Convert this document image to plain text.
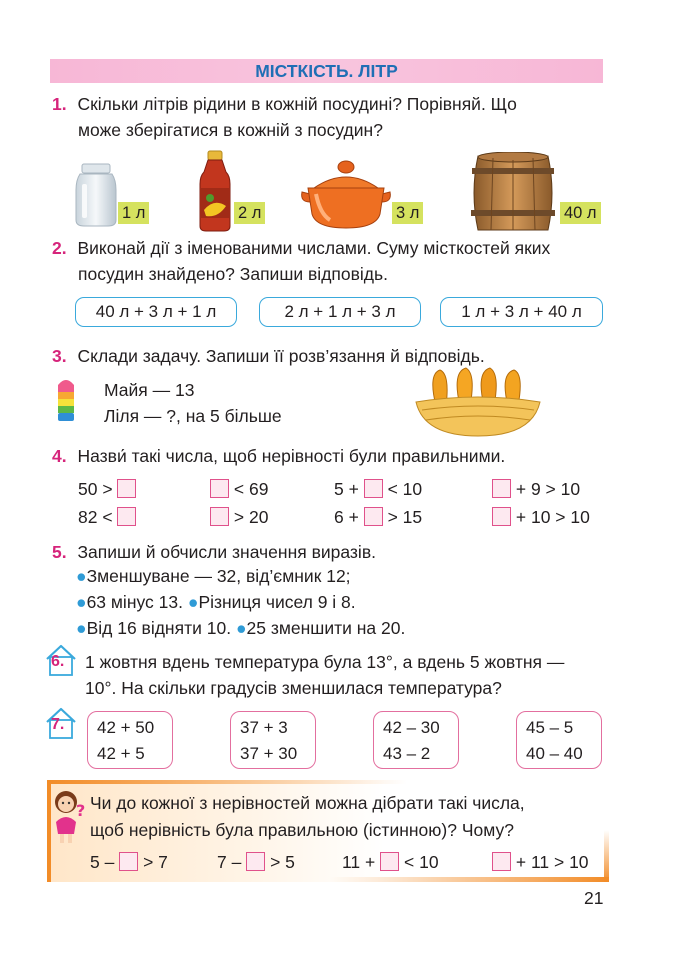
МІСТКІСТЬ. ЛІТР
1. Скільки літрів рідини в кожній посудині? Порівняй. Що
може зберігатися в кожній з посудин?
1 л	2 л	3 л	40 л
2. Виконай дії з іменованими числами. Суму місткостей яких
посудин знайдено? Запиши відповідь.
40 л + 3 л + 1 л	2 л + 1 л + 3 л	1 л + 3 л + 40 л
3. Склади задачу. Запиши її розв’язання й відповідь.
Майя — 13
Ліля — ?, на 5 більше
4. Назви́ такі числа, щоб нерівності були правильними.
50 >	< 69	5 + < 10	+ 9 > 10
82 <	> 20	6 + > 15	+ 10 > 10
5. Запиши й обчисли значення виразів.
●Зменшуване — 32, від’ємник 12;
●63 мінус 13. ●Різниця чисел 9 і 8.
●Від 16 відняти 10. ●25 зменшити на 20.
6. 1 жовтня вдень температура була 13°, а вдень 5 жовтня —
10°. На скільки градусів зменшилася температура?
7. 42 + 50
42 + 5
37 + 3
37 + 30
42 – 30
43 – 2
45 – 5
40 – 40
? Чи до кожної з нерівностей можна дібрати такі числа,
щоб нерівність була правильною (істинною)? Чому?
5 – > 7	7 – > 5	11 + < 10	+ 11 > 10
21
